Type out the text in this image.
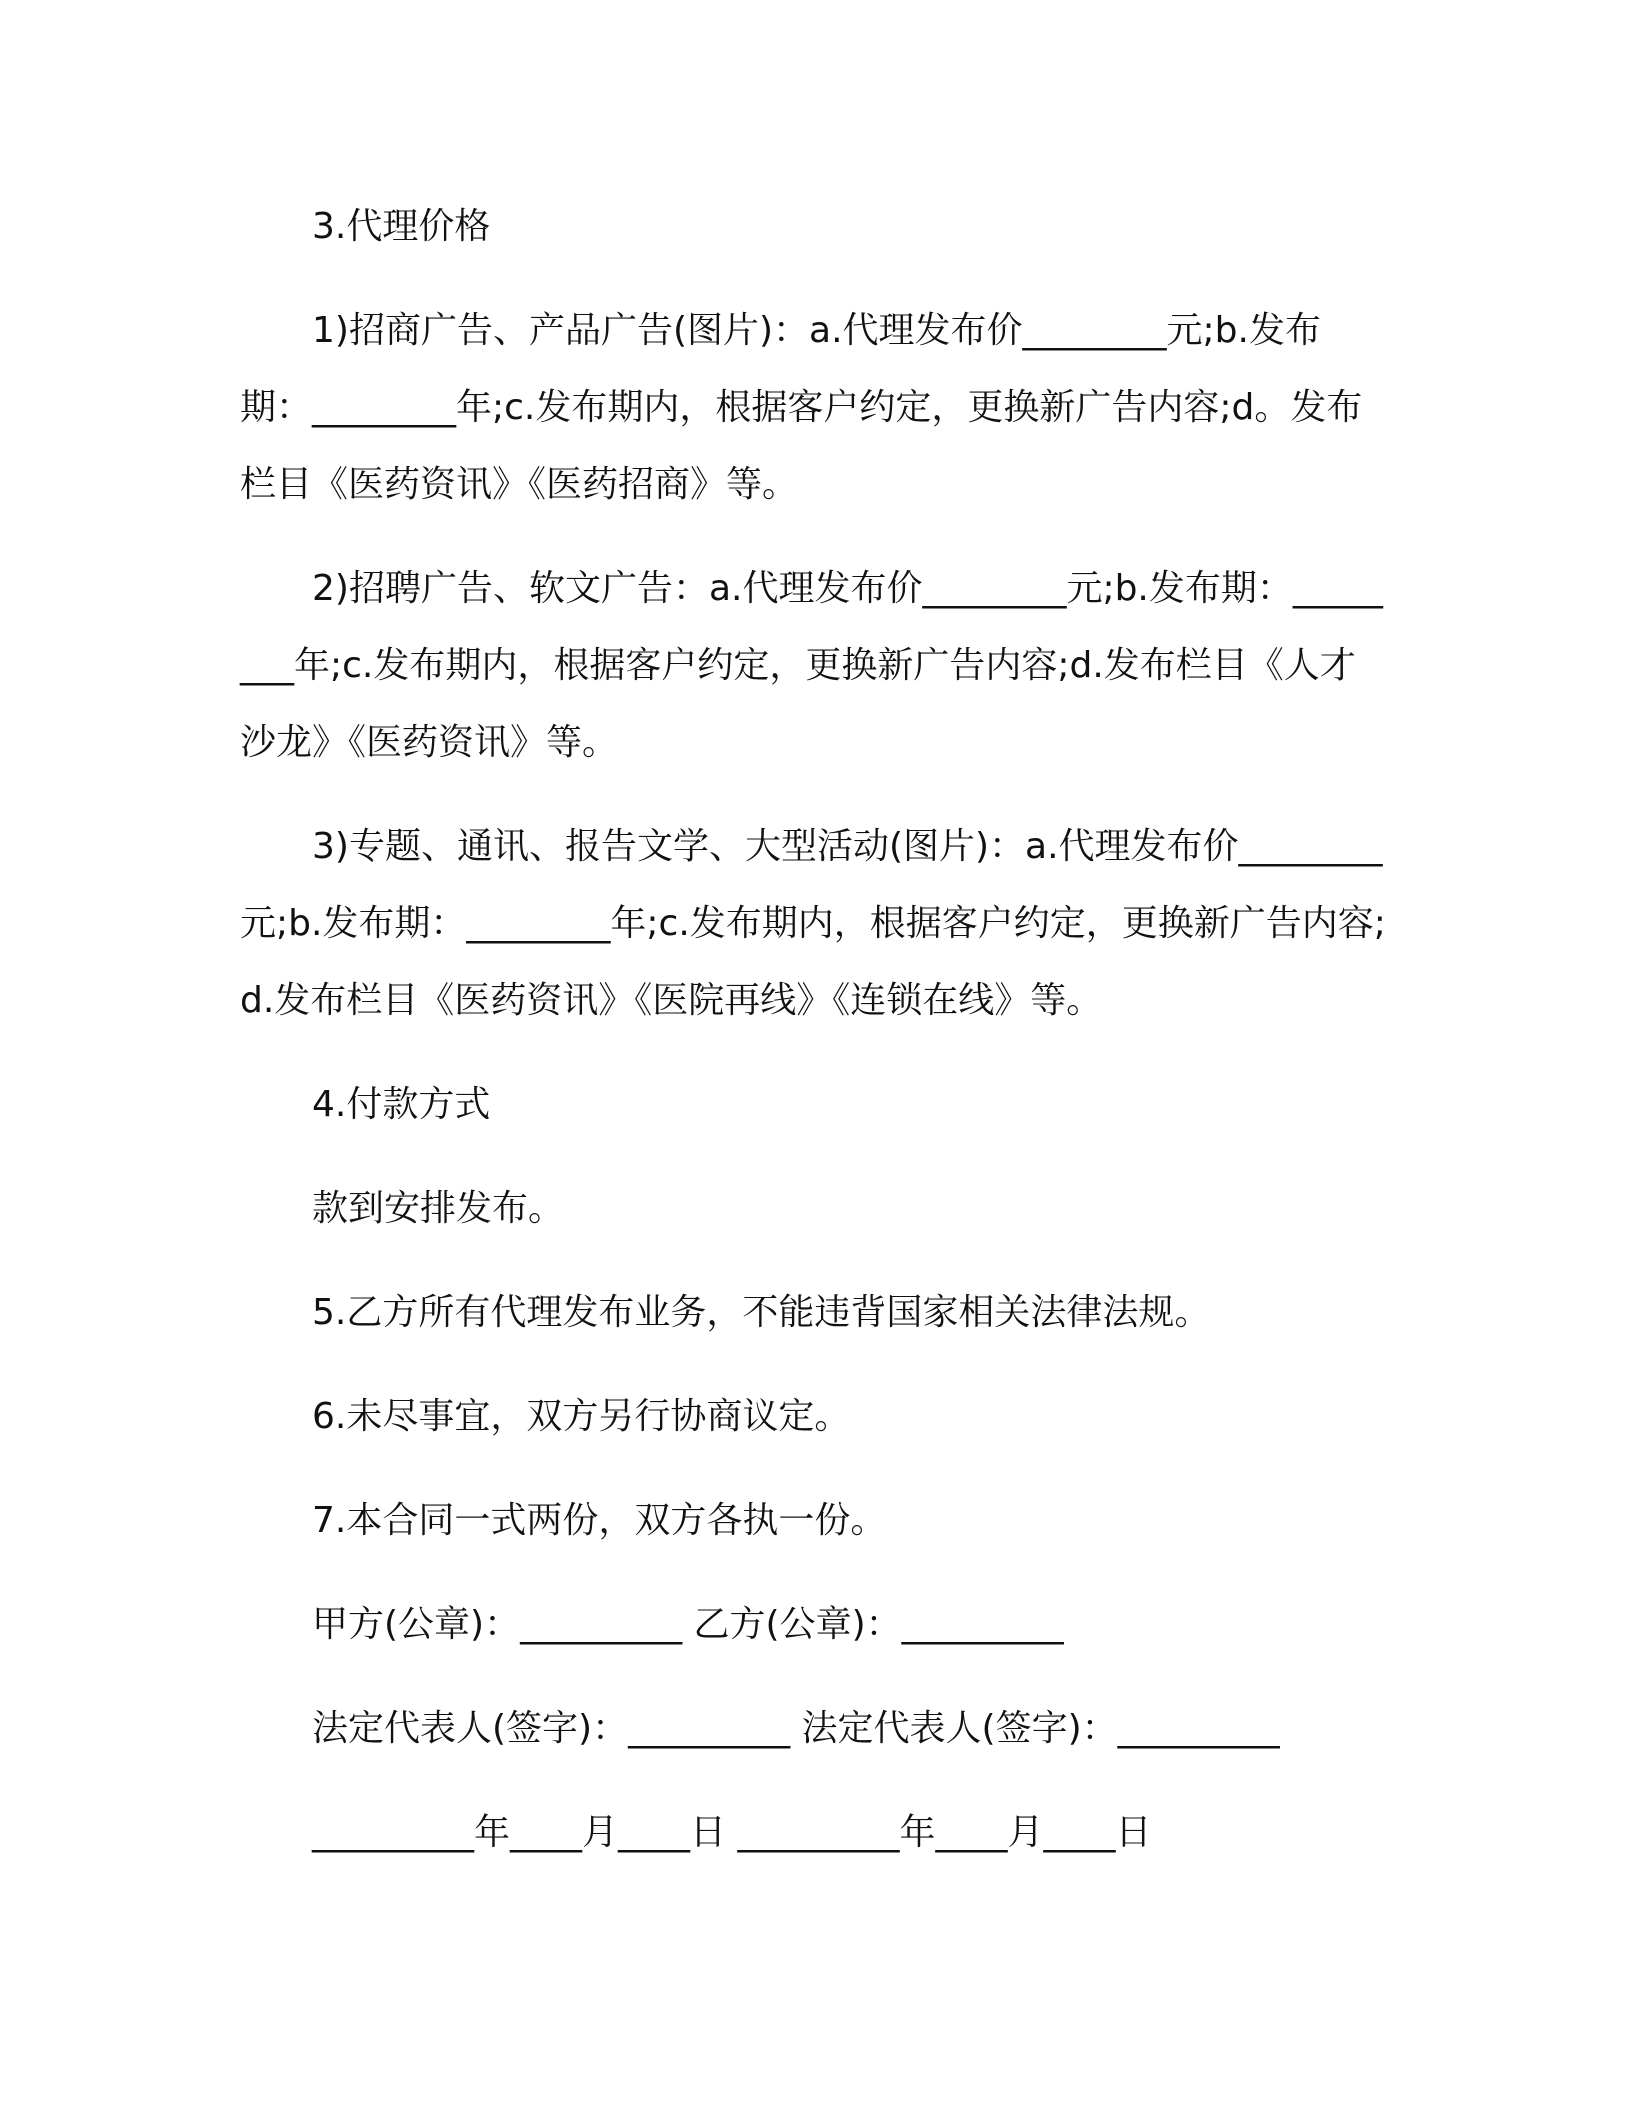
3.代理价格

1)招商广告、产品广告(图片)：a.代理发布价________元;b.发布期：________年;c.发布期内，根据客户约定，更换新广告内容;d。发布栏目《医药资讯》《医药招商》等。

2)招聘广告、软文广告：a.代理发布价________元;b.发布期：________年;c.发布期内，根据客户约定，更换新广告内容;d.发布栏目《人才沙龙》《医药资讯》等。

3)专题、通讯、报告文学、大型活动(图片)：a.代理发布价________元;b.发布期：________年;c.发布期内，根据客户约定，更换新广告内容;d.发布栏目《医药资讯》《医院再线》《连锁在线》等。

4.付款方式

款到安排发布。

5.乙方所有代理发布业务，不能违背国家相关法律法规。

6.未尽事宜，双方另行协商议定。

7.本合同一式两份，双方各执一份。

甲方(公章)：_________ 乙方(公章)：_________

法定代表人(签字)：_________ 法定代表人(签字)：_________

_________年____月____日 _________年____月____日
